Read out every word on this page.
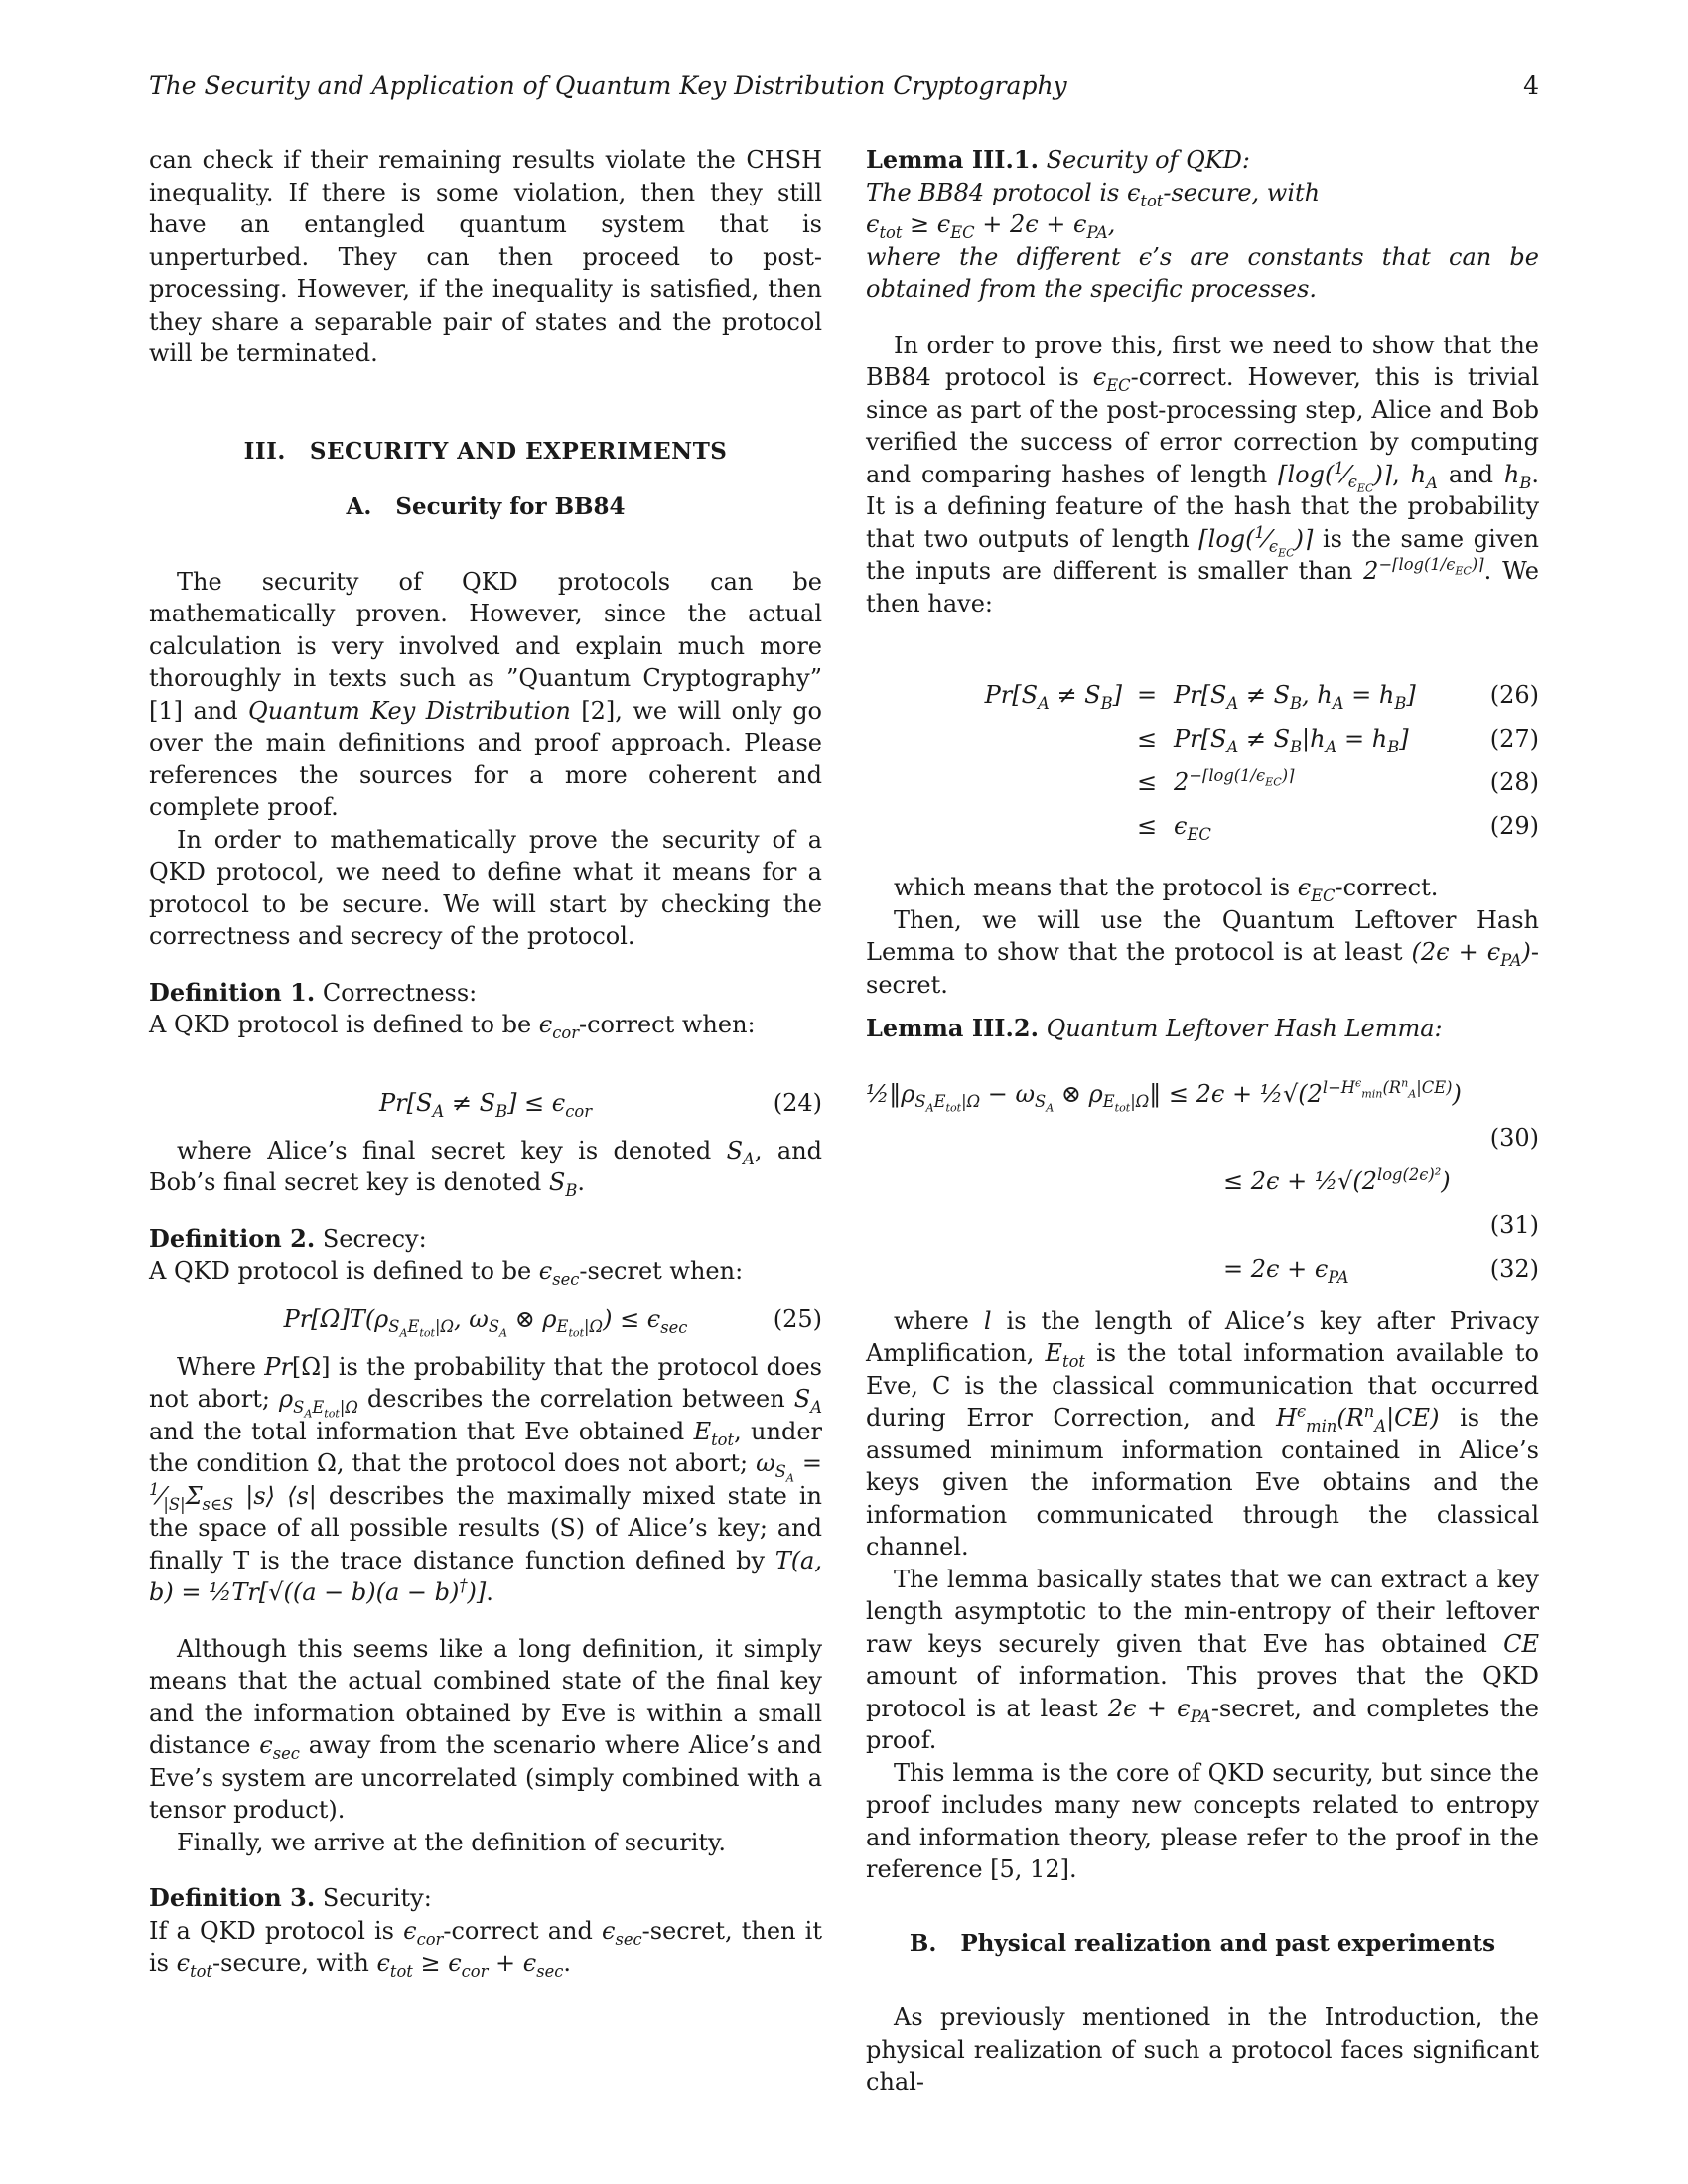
The Security and Application of Quantum Key Distribution Cryptography	4

can check if their remaining results violate the CHSH inequality. If there is some violation, then they still have an entangled quantum system that is unperturbed. They can then proceed to post-processing. However, if the inequality is satisfied, then they share a separable pair of states and the protocol will be terminated.

III. SECURITY AND EXPERIMENTS

A. Security for BB84

The security of QKD protocols can be mathematically proven. However, since the actual calculation is very involved and explain much more thoroughly in texts such as ”Quantum Cryptography” [1] and Quantum Key Distribution [2], we will only go over the main definitions and proof approach. Please references the sources for a more coherent and complete proof.

In order to mathematically prove the security of a QKD protocol, we need to define what it means for a protocol to be secure. We will start by checking the correctness and secrecy of the protocol.

Definition 1. Correctness:

A QKD protocol is defined to be $\epsilon_{cor}$-correct when:

$Pr[S_A \ne S_B] \le \epsilon_{cor}$	(24)

where Alice’s final secret key is denoted $S_A$, and Bob’s final secret key is denoted $S_B$.

Definition 2. Secrecy:

A QKD protocol is defined to be $\epsilon_{sec}$-secret when:

$Pr[\Omega]T(\rho_{S_AE_{tot}|\Omega}$, $\omega_{S_A}$ ⊗ $\rho_{E_{tot}|\Omega}) \le \epsilon_{sec}$	(25)

Where Pr[Ω] is the probability that the protocol does not abort; $\rho_{S_AE_{tot}|\Omega}$ describes the correlation between $S_A$ and the total information that Eve obtained $E_{tot}$, under the condition Ω, that the protocol does not abort; $\omega_{S_A}$ = $^1⁄_{|S|}\Sigma_{s\in S}$ |s⟩ ⟨s| describes the maximally mixed state in the space of all possible results (S) of Alice’s key; and finally T is the trace distance function defined by T(a, b) = ½Tr[√((a − b)(a − b)†)].

Although this seems like a long definition, it simply means that the actual combined state of the final key and the information obtained by Eve is within a small distance $\epsilon_{sec}$ away from the scenario where Alice’s and Eve’s system are uncorrelated (simply combined with a tensor product).

Finally, we arrive at the definition of security.

Definition 3. Security:

If a QKD protocol is $\epsilon_{cor}$-correct and $\epsilon_{sec}$-secret, then it is $\epsilon_{tot}$-secure, with $\epsilon_{tot} \ge \epsilon_{cor} + \epsilon_{sec}$.

Lemma III.1. Security of QKD:

The BB84 protocol is $\epsilon_{tot}$-secure, with

$\epsilon_{tot} \ge \epsilon_{EC} + 2\epsilon + \epsilon_{PA}$,

where the different ϵ’s are constants that can be obtained from the specific processes.

In order to prove this, first we need to show that the BB84 protocol is $\epsilon_{EC}$-correct. However, this is trivial since as part of the post-processing step, Alice and Bob verified the success of error correction by computing and comparing hashes of length $⌈\log(^1⁄_{\epsilon_{EC}})⌉$, $h_A$ and $h_B$. It is a defining feature of the hash that the probability that two outputs of length $⌈\log(^1⁄_{\epsilon_{EC}})⌉$ is the same given the inputs are different is smaller than $2^{-⌈log(1/\epsilon_{EC})⌉}$. We then have:

$Pr[S_A \ne S_B] = Pr[S_A \ne S_B$, $h_A = h_B$]	(26)
≤ $Pr[S_A \ne S_B|h_A = h_B]$	(27)
≤ $2^{-⌈log(1/\epsilon_{EC})⌉}$	(28)
≤ $\epsilon_{EC}$	(29)

which means that the protocol is $\epsilon_{EC}$-correct.

Then, we will use the Quantum Leftover Hash Lemma to show that the protocol is at least $(2\epsilon + \epsilon_{PA})$-secret.

Lemma III.2. Quantum Leftover Hash Lemma:

$\frac{1}{2}‖\rho_{S_AE_{tot}|\Omega} - \omega_{S_A}$ ⊗ $\rho_{E_{tot}|\Omega}‖ \le 2\epsilon$ + $\frac{1}{2}√(2^{l-H^\epsilon_{min}(R^n_A|CE)})$
(30)
≤ $2\epsilon + \frac{1}{2}√(2^{log(2\epsilon)^2})$
(31)
= $2\epsilon + \epsilon_{PA}$	(32)

where l is the length of Alice’s key after Privacy Amplification, $E_{tot}$ is the total information available to Eve, C is the classical communication that occurred during Error Correction, and $H^\epsilon_{min}(R^n_A|CE)$ is the assumed minimum information contained in Alice’s keys given the information Eve obtains and the information communicated through the classical channel.

The lemma basically states that we can extract a key length asymptotic to the min-entropy of their leftover raw keys securely given that Eve has obtained CE amount of information. This proves that the QKD protocol is at least $2\epsilon + \epsilon_{PA}$-secret, and completes the proof.

This lemma is the core of QKD security, but since the proof includes many new concepts related to entropy and information theory, please refer to the proof in the reference [5, 12].

B. Physical realization and past experiments

As previously mentioned in the Introduction, the physical realization of such a protocol faces significant chal-
